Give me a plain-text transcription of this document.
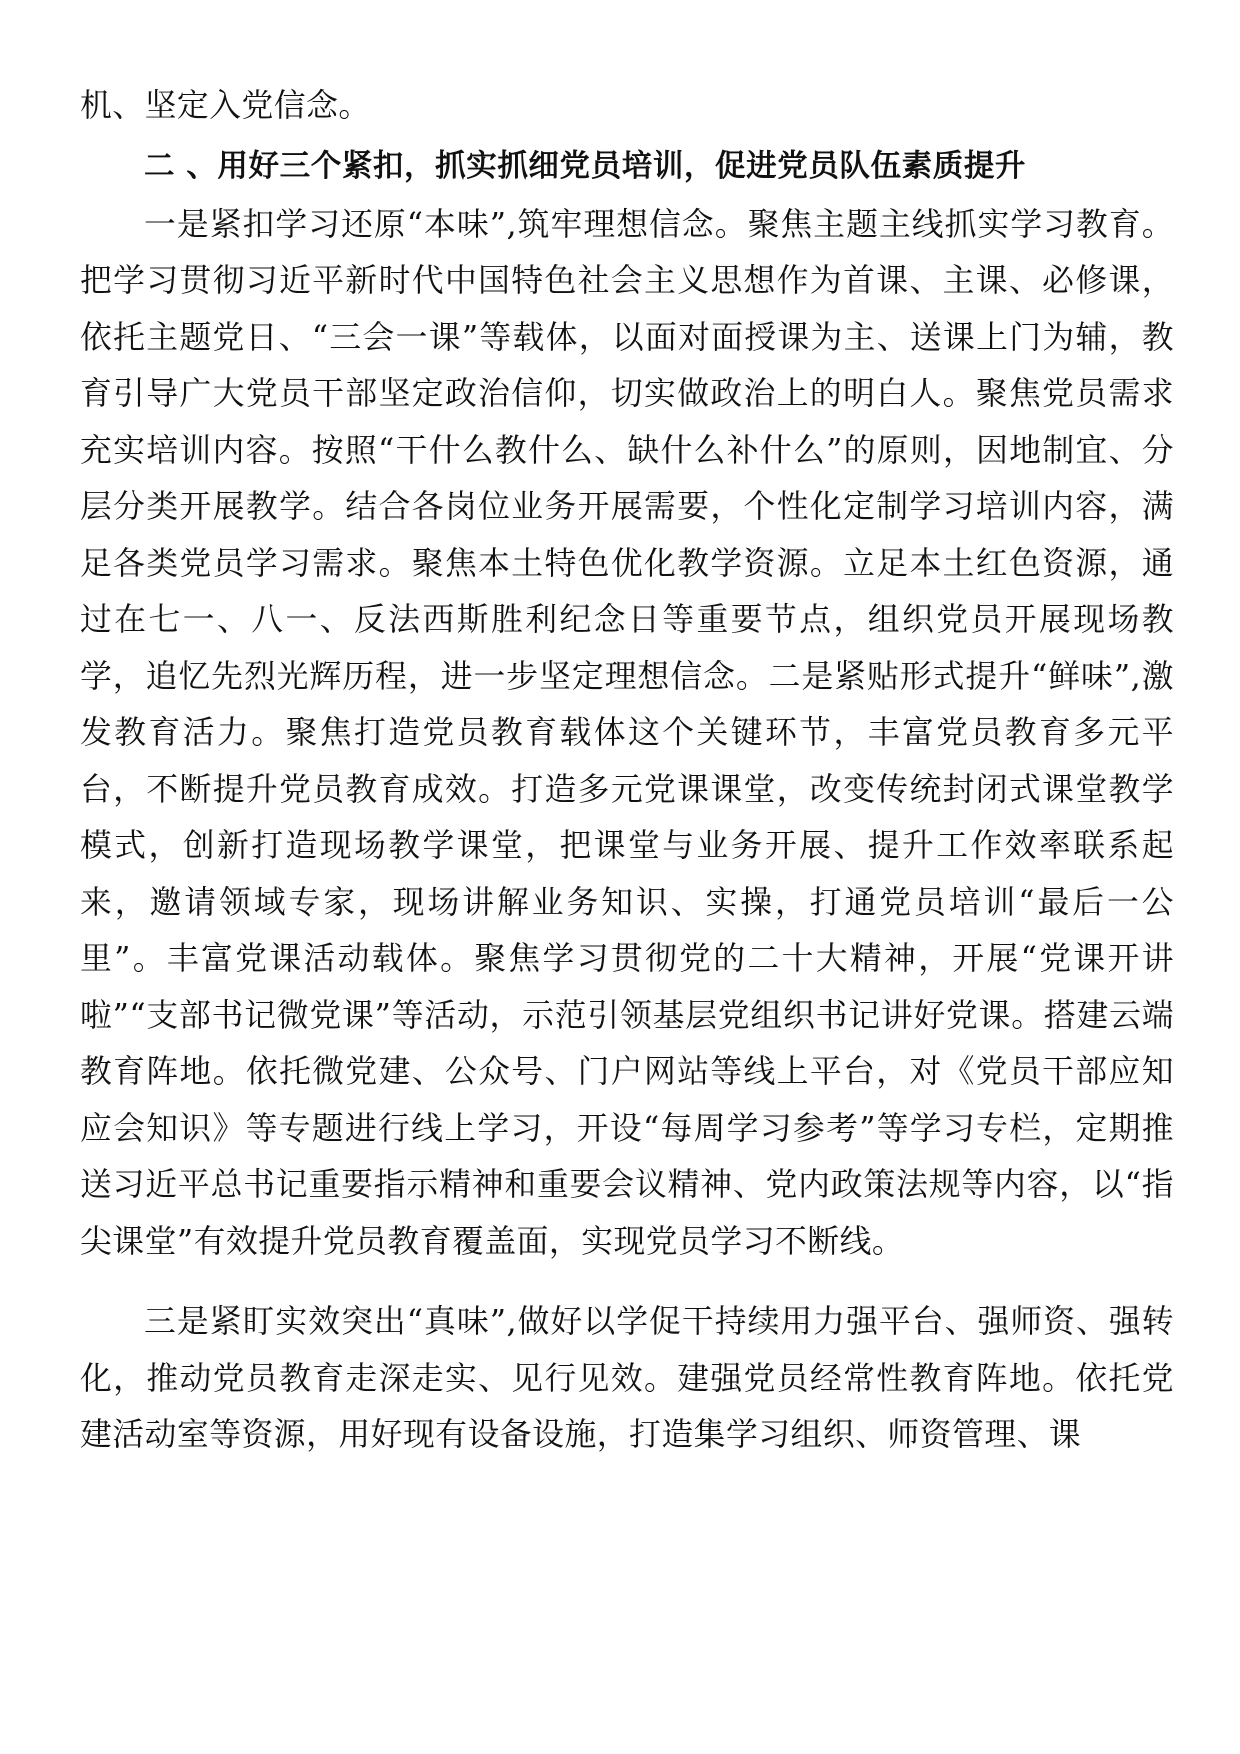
机、坚定入党信念。

二 、用好三个紧扣，抓实抓细党员培训，促进党员队伍素质提升

一是紧扣学习还原“本味”,筑牢理想信念。聚焦主题主线抓实学习教育。把学习贯彻习近平新时代中国特色社会主义思想作为首课、主课、必修课，依托主题党日、“三会一课”等载体，以面对面授课为主、送课上门为辅，教育引导广大党员干部坚定政治信仰，切实做政治上的明白人。聚焦党员需求充实培训内容。按照“干什么教什么、缺什么补什么”的原则，因地制宜、分层分类开展教学。结合各岗位业务开展需要，个性化定制学习培训内容，满足各类党员学习需求。聚焦本土特色优化教学资源。立足本土红色资源，通过在七一、八一、反法西斯胜利纪念日等重要节点，组织党员开展现场教学，追忆先烈光辉历程，进一步坚定理想信念。二是紧贴形式提升“鲜味”,激发教育活力。聚焦打造党员教育载体这个关键环节，丰富党员教育多元平台，不断提升党员教育成效。打造多元党课课堂，改变传统封闭式课堂教学模式，创新打造现场教学课堂，把课堂与业务开展、提升工作效率联系起来，邀请领域专家，现场讲解业务知识、实操，打通党员培训“最后一公里”。丰富党课活动载体。聚焦学习贯彻党的二十大精神，开展“党课开讲啦”“支部书记微党课”等活动，示范引领基层党组织书记讲好党课。搭建云端教育阵地。依托微党建、公众号、门户网站等线上平台，对《党员干部应知应会知识》等专题进行线上学习，开设“每周学习参考”等学习专栏，定期推送习近平总书记重要指示精神和重要会议精神、党内政策法规等内容，以“指尖课堂”有效提升党员教育覆盖面，实现党员学习不断线。

三是紧盯实效突出“真味”,做好以学促干持续用力强平台、强师资、强转化，推动党员教育走深走实、见行见效。建强党员经常性教育阵地。依托党建活动室等资源，用好现有设备设施，打造集学习组织、师资管理、课
